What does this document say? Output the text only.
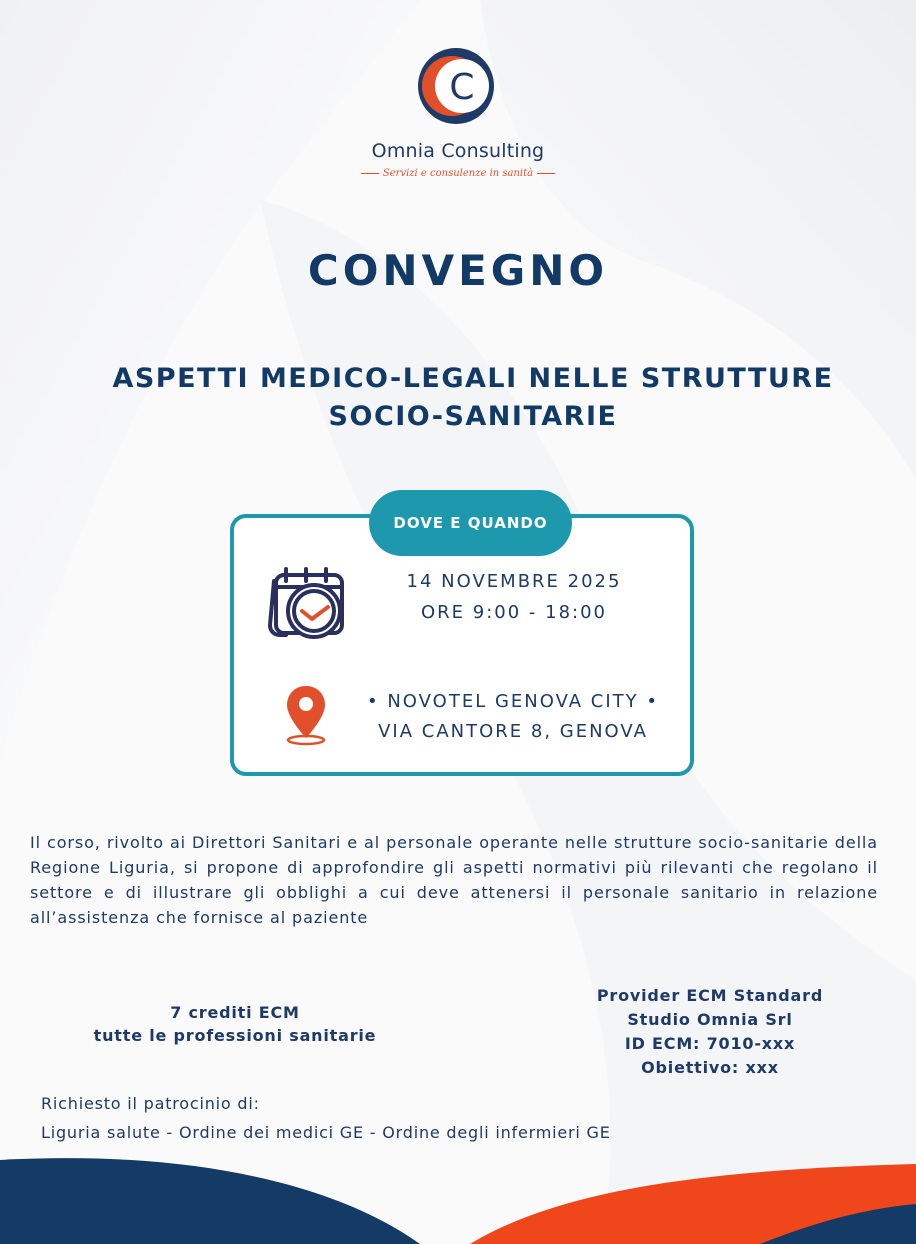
C
Omnia Consulting
Servizi e consulenze in sanità
CONVEGNO
ASPETTI MEDICO-LEGALI NELLE STRUTTURE
SOCIO-SANITARIE
DOVE E QUANDO
14 NOVEMBRE 2025
ORE 9:00 - 18:00
• NOVOTEL GENOVA CITY •
VIA CANTORE 8, GENOVA
Il corso, rivolto ai Direttori Sanitari e al personale operante nelle strutture socio-sanitarie della Regione Liguria, si propone di approfondire gli aspetti normativi più rilevanti che regolano il settore e di illustrare gli obblighi a cui deve attenersi il personale sanitario in relazione all’assistenza che fornisce al paziente
7 crediti ECM
tutte le professioni sanitarie
Provider ECM Standard
Studio Omnia Srl
ID ECM: 7010-xxx
Obiettivo: xxx
Richiesto il patrocinio di:
Liguria salute - Ordine dei medici GE - Ordine degli infermieri GE
